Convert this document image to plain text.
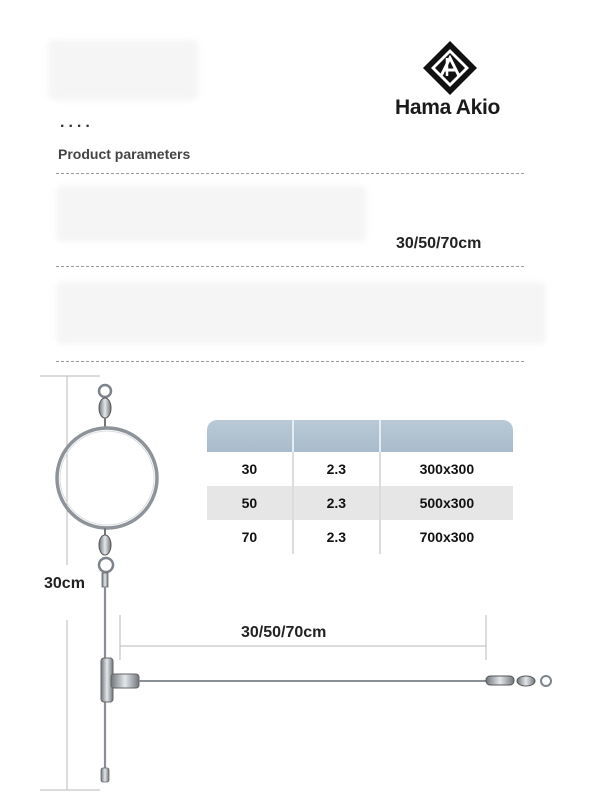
Hama Akio
....
Product parameters
30/50/70cm
30	2.3	300x300
50	2.3	500x300
70	2.3	700x300
30cm
30/50/70cm
